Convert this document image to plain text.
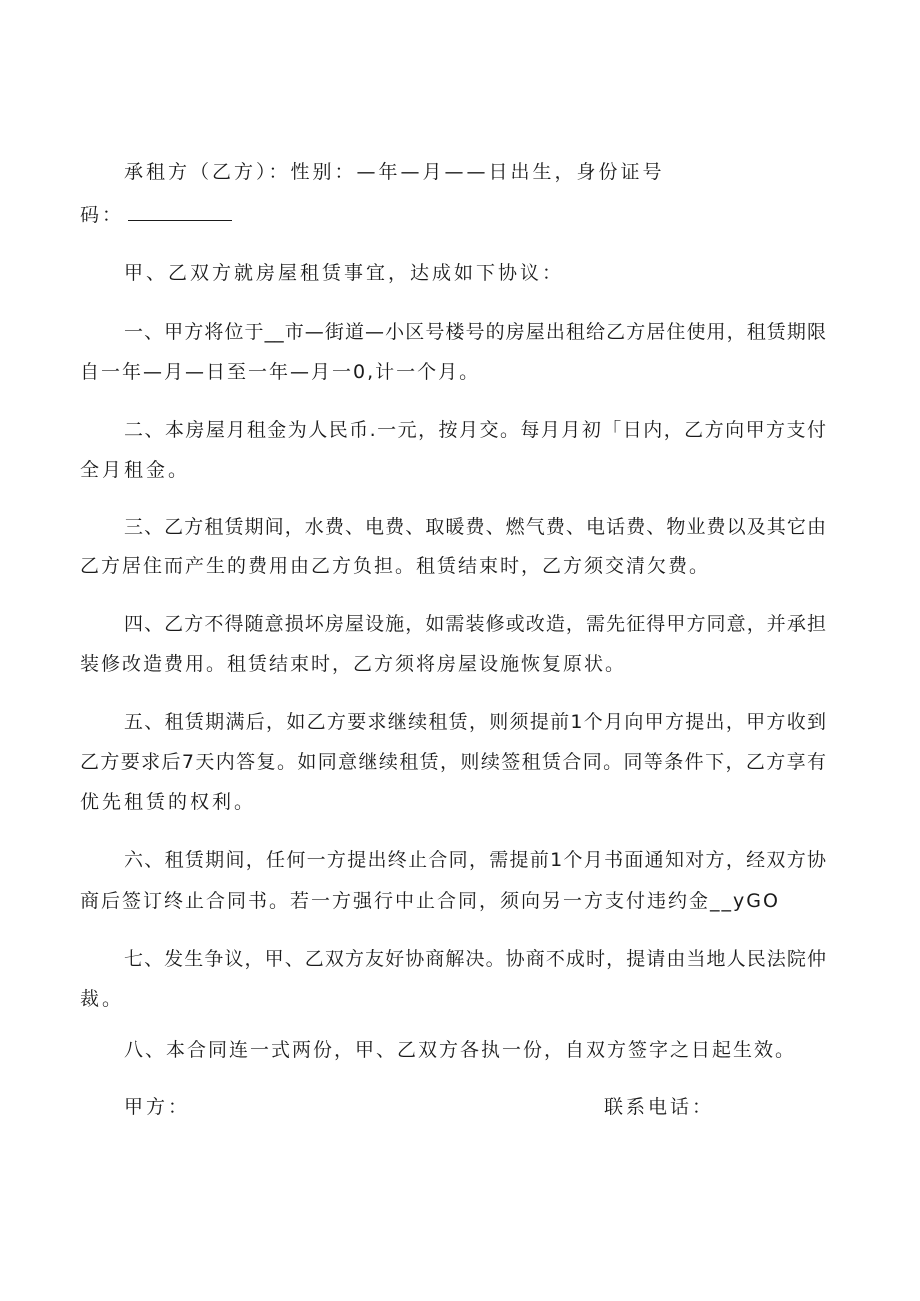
承租方（乙方）：性别：—年—月——日出生，身份证号

码：

甲、乙双方就房屋租赁事宜，达成如下协议：

一、甲方将位于__市—街道—小区号楼号的房屋出租给乙方居住使用，租赁期限

自一年—月—日至一年—月一0,计一个月。

二、本房屋月租金为人民币.一元，按月交。每月月初「日内，乙方向甲方支付

全月租金。

三、乙方租赁期间，水费、电费、取暖费、燃气费、电话费、物业费以及其它由

乙方居住而产生的费用由乙方负担。租赁结束时，乙方须交清欠费。

四、乙方不得随意损坏房屋设施，如需装修或改造，需先征得甲方同意，并承担

装修改造费用。租赁结束时，乙方须将房屋设施恢复原状。

五、租赁期满后，如乙方要求继续租赁，则须提前1个月向甲方提出，甲方收到

乙方要求后7天内答复。如同意继续租赁，则续签租赁合同。同等条件下，乙方享有

优先租赁的权利。

六、租赁期间，任何一方提出终止合同，需提前1个月书面通知对方，经双方协

商后签订终止合同书。若一方强行中止合同，须向另一方支付违约金__yGO

七、发生争议，甲、乙双方友好协商解决。协商不成时，提请由当地人民法院仲

裁。

八、本合同连一式两份，甲、乙双方各执一份，自双方签字之日起生效。

甲方：	联系电话：
